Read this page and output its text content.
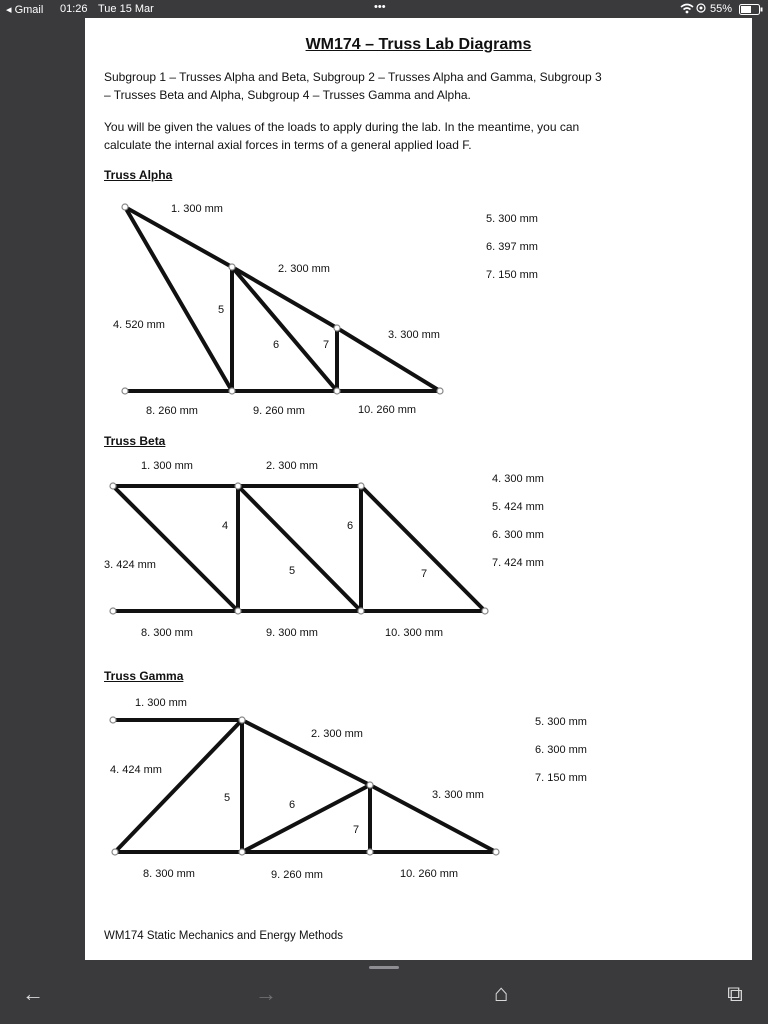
◂ Gmail 01:26 Tue 15 Mar	•••	55%
WM174 – Truss Lab Diagrams
Subgroup 1 – Trusses Alpha and Beta, Subgroup 2 – Trusses Alpha and Gamma, Subgroup 3
– Trusses Beta and Alpha, Subgroup 4 – Trusses Gamma and Alpha.
You will be given the values of the loads to apply during the lab. In the meantime, you can
calculate the internal axial forces in terms of a general applied load F.
Truss Alpha
1. 300 mm
2. 300 mm
3. 300 mm
4. 520 mm
5
6	7
8. 260 mm	9. 260 mm	10. 260 mm
5. 300 mm
6. 397 mm
7. 150 mm
Truss Beta
1. 300 mm	2. 300 mm
3. 424 mm
4
5
6
7
8. 300 mm	9. 300 mm	10. 300 mm
4. 300 mm
5. 424 mm
6. 300 mm
7. 424 mm
Truss Gamma
1. 300 mm
2. 300 mm
3. 300 mm
4. 424 mm
5
6
7
8. 300 mm	9. 260 mm	10. 260 mm
5. 300 mm
6. 300 mm
7. 150 mm
WM174 Static Mechanics and Energy Methods
←	→	⌂	⧉
